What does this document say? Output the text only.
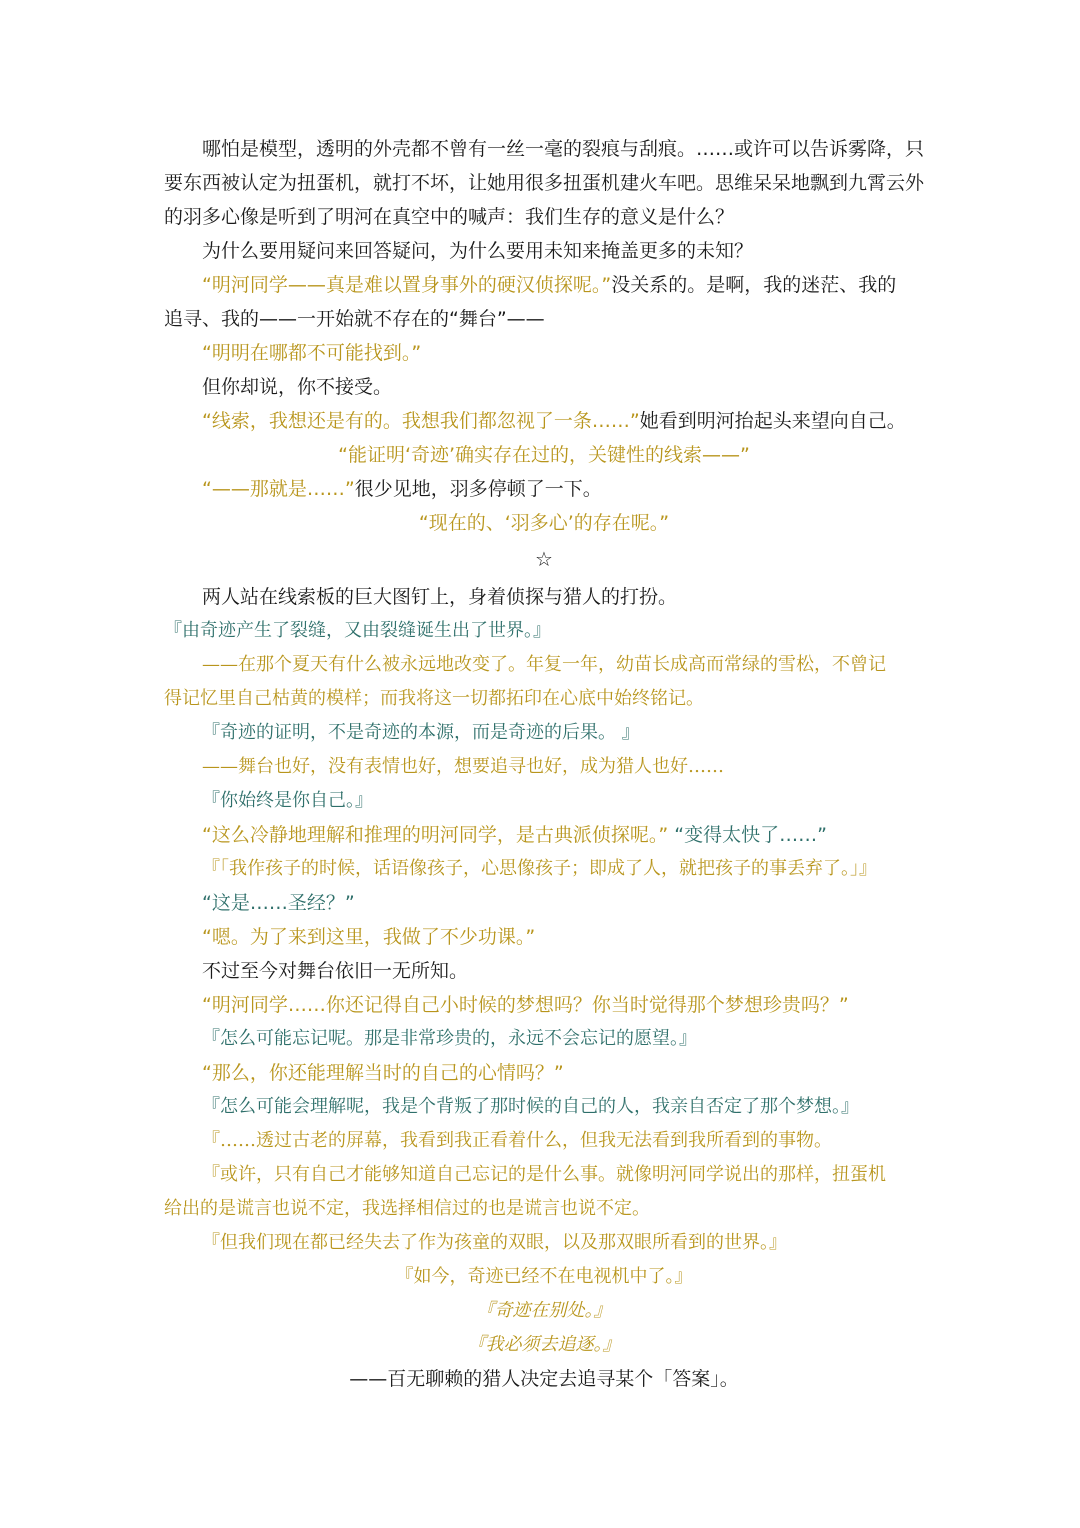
哪怕是模型，透明的外壳都不曾有一丝一毫的裂痕与刮痕。……或许可以告诉雾降，只
要东西被认定为扭蛋机，就打不坏，让她用很多扭蛋机建火车吧。思维呆呆地飘到九霄云外
的羽多心像是听到了明河在真空中的喊声：我们生存的意义是什么？
为什么要用疑问来回答疑问，为什么要用未知来掩盖更多的未知？
“明河同学——真是难以置身事外的硬汉侦探呢。”没关系的。是啊，我的迷茫、我的
追寻、我的——一开始就不存在的“舞台”——
“明明在哪都不可能找到。”
但你却说，你不接受。
“线索，我想还是有的。我想我们都忽视了一条……”她看到明河抬起头来望向自己。
“能证明‘奇迹’确实存在过的，关键性的线索——”
“——那就是……”很少见地，羽多停顿了一下。
“现在的、‘羽多心’的存在呢。”
☆
两人站在线索板的巨大图钉上，身着侦探与猎人的打扮。
『由奇迹产生了裂缝，又由裂缝诞生出了世界。』
——在那个夏天有什么被永远地改变了。年复一年，幼苗长成高而常绿的雪松，不曾记
得记忆里自己枯黄的模样；而我将这一切都拓印在心底中始终铭记。
『奇迹的证明，不是奇迹的本源，而是奇迹的后果。 』
——舞台也好，没有表情也好，想要追寻也好，成为猎人也好……
『你始终是你自己。』
“这么冷静地理解和推理的明河同学，是古典派侦探呢。” “变得太快了……”
『「我作孩子的时候，话语像孩子，心思像孩子；即成了人，就把孩子的事丢弃了。」』
“这是……圣经？”
“嗯。为了来到这里，我做了不少功课。”
不过至今对舞台依旧一无所知。
“明河同学……你还记得自己小时候的梦想吗？你当时觉得那个梦想珍贵吗？”
『怎么可能忘记呢。那是非常珍贵的，永远不会忘记的愿望。』
“那么，你还能理解当时的自己的心情吗？”
『怎么可能会理解呢，我是个背叛了那时候的自己的人，我亲自否定了那个梦想。』
『……透过古老的屏幕，我看到我正看着什么，但我无法看到我所看到的事物。
『或许，只有自己才能够知道自己忘记的是什么事。就像明河同学说出的那样，扭蛋机
给出的是谎言也说不定，我选择相信过的也是谎言也说不定。
『但我们现在都已经失去了作为孩童的双眼，以及那双眼所看到的世界。』
『如今，奇迹已经不在电视机中了。』
『奇迹在别处。』
『我必须去追逐。』
——百无聊赖的猎人决定去追寻某个「答案」。
